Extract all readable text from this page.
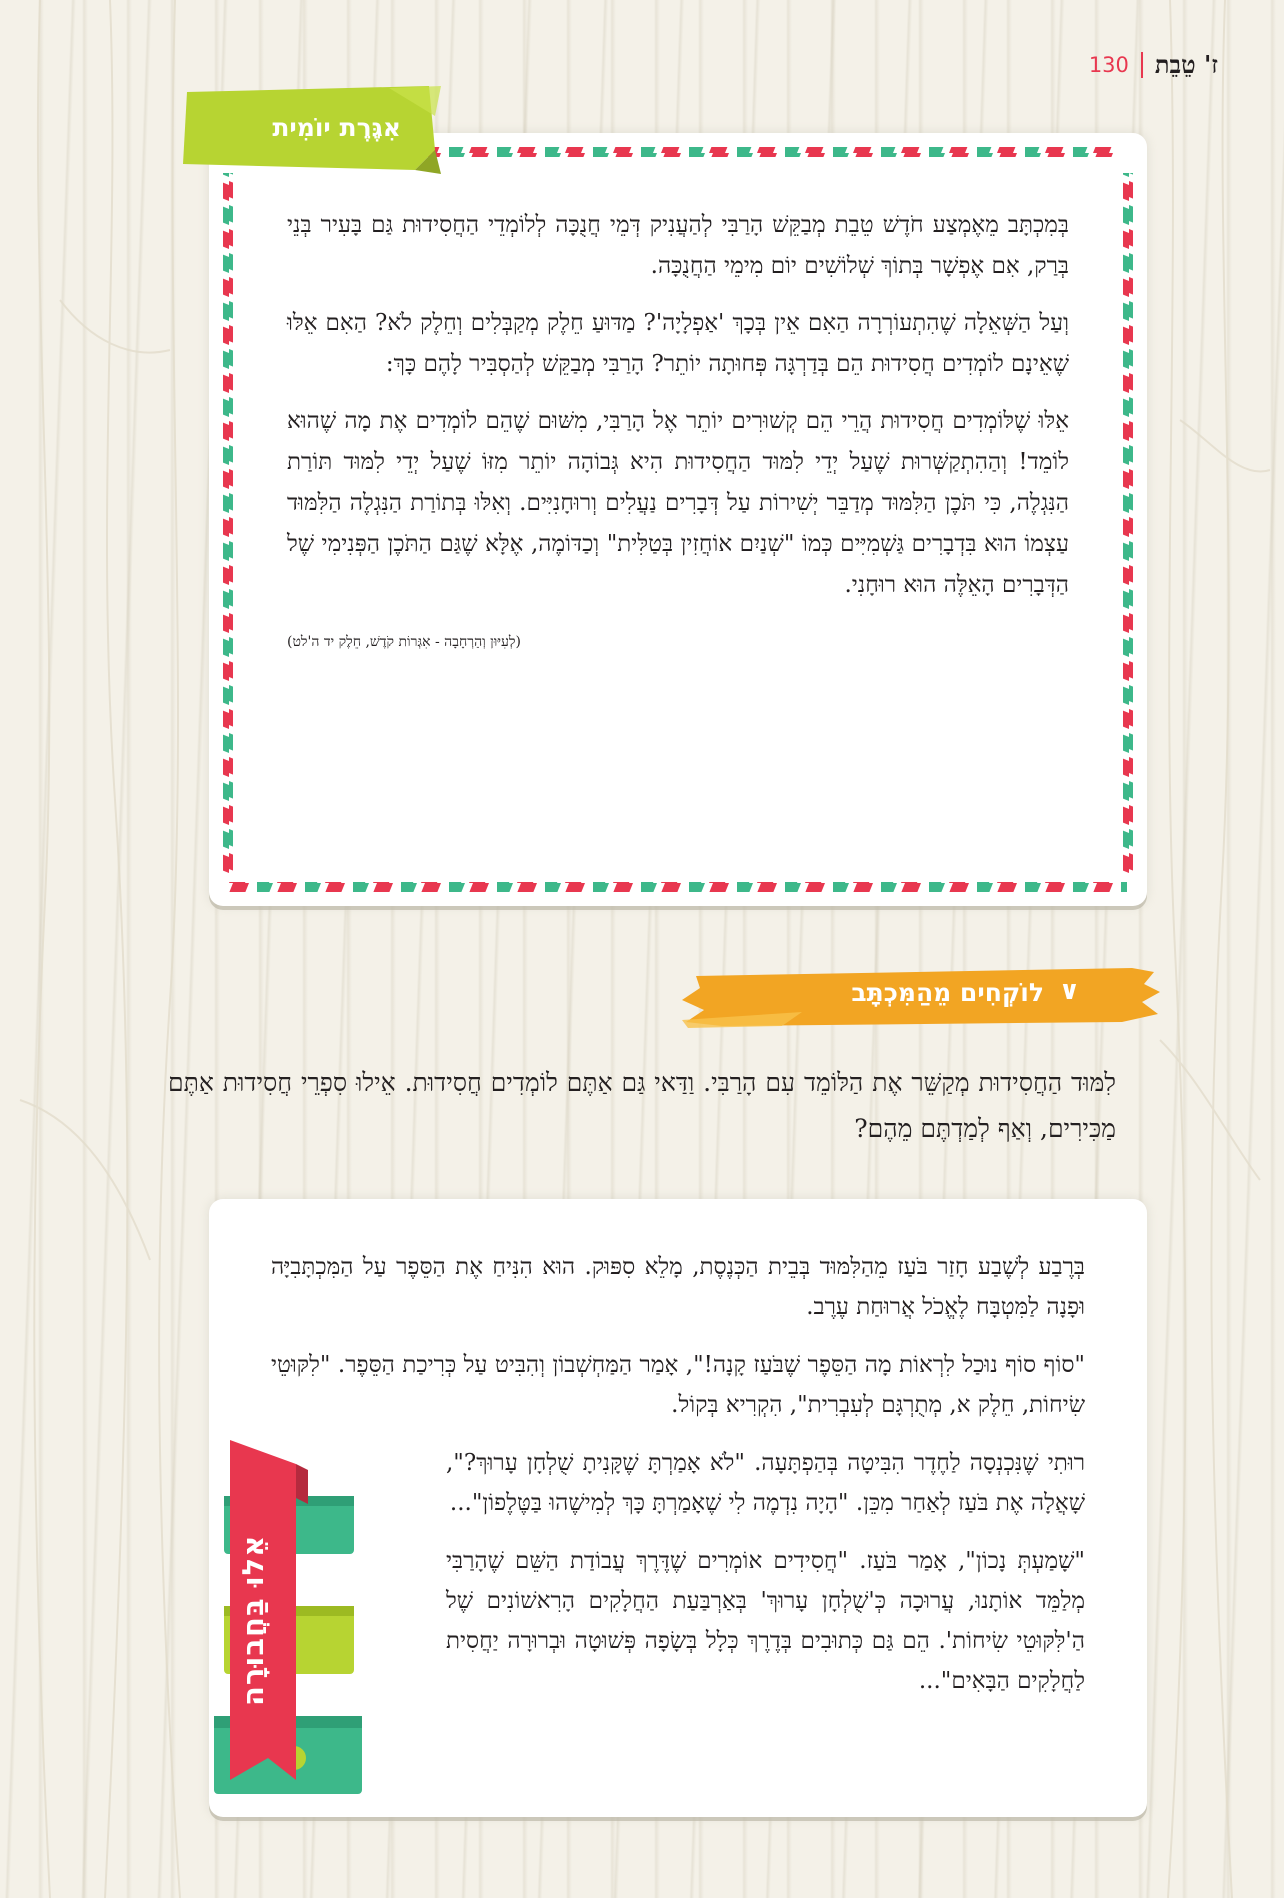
130 ז' טֵבֵת

בְּמִכְתָּב מֵאֶמְצַע חֹדֶשׁ טֵבֵת מְבַקֵּשׁ הָרַבִּי לְהַעֲנִיק דְּמֵי חֲנֻכָּה לְלוֹמְדֵי הַחֲסִידוּת גַּם בָּעִיר בְּנֵי בְּרַק, אִם אֶפְשָׁר בְּתוֹךְ שְׁלוֹשִׁים יוֹם מִימֵי הַחֲנֻכָּה.

וְעַל הַשְּׁאֵלָה שֶׁהִתְעוֹרְרָה הַאִם אֵין בְּכָךְ 'אַפְלָיָה'? מַדּוּעַ חֵלֶק מְקַבְּלִים וְחֵלֶק לֹא? הַאִם אֵלּוּ שֶׁאֵינָם לוֹמְדִים חֲסִידוּת הֵם בְּדַרְגָּה פְּחוּתָה יוֹתֵר? הָרַבִּי מְבַקֵּשׁ לְהַסְבִּיר לָהֶם כָּךְ:

אֵלּוּ שֶׁלּוֹמְדִים חֲסִידוּת הֲרֵי הֵם קְשׁוּרִים יוֹתֵר אֶל הָרַבִּי, מִשּׁוּם שֶׁהֵם לוֹמְדִים אֶת מָה שֶׁהוּא לוֹמֵד! וְהַהִתְקַשְּׁרוּת שֶׁעַל יְדֵי לִמּוּד הַחֲסִידוּת הִיא גְּבוֹהָה יוֹתֵר מִזּוֹ שֶׁעַל יְדֵי לִמּוּד תּוֹרַת הַנִּגְלֶה, כִּי תֹּכֶן הַלִּמּוּד מְדַבֵּר יְשִׁירוֹת עַל דְּבָרִים נַעֲלִים וְרוּחָנִיִּים. וְאִלּוּ בְּתוֹרַת הַנִּגְלֶה הַלִּמּוּד עַצְמוֹ הוּא בִּדְבָרִים גַּשְׁמִיִּים כְּמוֹ "שְׁנַיִם אוֹחֲזִין בְּטַלִּית" וְכַדּוֹמֶה, אֶלָּא שֶׁגַּם הַתֹּכֶן הַפְּנִימִי שֶׁל הַדְּבָרִים הָאֵלֶּה הוּא רוּחָנִי.

(לְעִיּוּן וְהַרְחָבָה - אִגְּרוֹת קֹדֶשׁ, חֵלֶק יד ה'לט)
אִגֶּרֶת יוֹמִית
∨
לוֹקְחִים מֵהַמִּכְתָּב
לִמּוּד הַחֲסִידוּת מְקַשֵּׁר אֶת הַלּוֹמֵד עִם הָרַבִּי. וַדַּאי גַּם אַתֶּם לוֹמְדִים חֲסִידוּת. אֵילוּ סִפְרֵי חֲסִידוּת אַתֶּם מַכִּירִים, וְאַף לְמַדְתֶּם מֵהֶם?

בְּרֶבַע לְשֶׁבַע חָזַר בֹּעַז מֵהַלִּמּוּד בְּבֵית הַכְּנֶסֶת, מָלֵא סִפּוּק. הוּא הִנִּיחַ אֶת הַסֵּפֶר עַל הַמִּכְתָּבִיָּה וּפָנָה לַמִּטְבָּח לֶאֱכֹל אֲרוּחַת עֶרֶב.

"סוֹף סוֹף נוּכַל לִרְאוֹת מָה הַסֵּפֶר שֶׁבֹּעַז קָנָה!", אָמַר הַמַּחְשְׁבוֹן וְהִבִּיט עַל כְּרִיכַת הַסֵּפֶר. "לִקּוּטֵי שִׂיחוֹת, חֵלֶק א, מְתֻרְגָּם לְעִבְרִית", הִקְרִיא בְּקוֹל.

רוּתִי שֶׁנִּכְנְסָה לַחֶדֶר הִבִּיטָה בְּהַפְתָּעָה. "לֹא אָמַרְתָּ שֶׁקָּנִיתָ שֻׁלְחָן עָרוּךְ?", שָׁאֲלָה אֶת בֹּעַז לְאַחַר מִכֵּן. "הָיָה נִדְמֶה לִי שֶׁאָמַרְתָּ כָּךְ לְמִישֶׁהוּ בַּטֶּלֶפוֹן"...

"שָׁמַעְתְּ נָכוֹן", אָמַר בֹּעַז. "חֲסִידִים אוֹמְרִים שֶׁדֶּרֶךְ עֲבוֹדַת הַשֵּׁם שֶׁהָרַבִּי מְלַמֵּד אוֹתָנוּ, עֲרוּכָה כְּ'שֻׁלְחָן עָרוּךְ' בְּאַרְבַּעַת הַחֲלָקִים הָרִאשׁוֹנִים שֶׁל הַ'לִּקּוּטֵי שִׂיחוֹת'. הֵם גַּם כְּתוּבִים בְּדֶרֶךְ כְּלָל בְּשָׂפָה פְּשׁוּטָה וּבְרוּרָה יַחֲסִית לַחֲלָקִים הַבָּאִים"...

אֵלוּ בַּחֲבוּרָה
